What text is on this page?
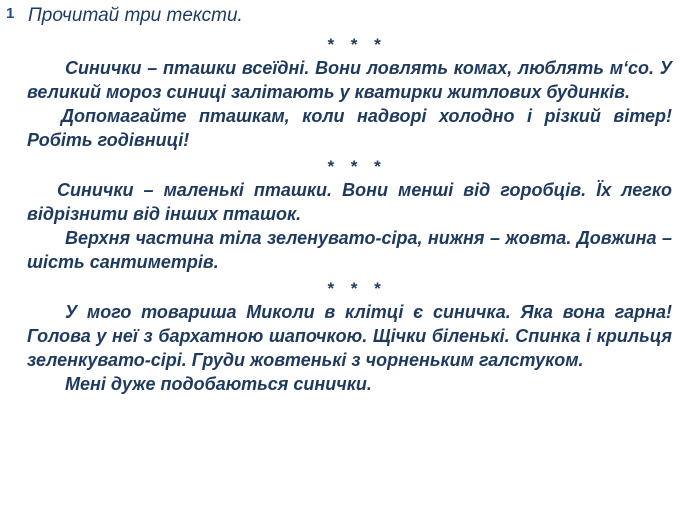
1 Прочитай три тексти.
* * *

Синички – пташки всеїдні. Вони ловлять комах, люблять м‘со. У великий мороз синиці залітають у кватирки житлових будинків.

Допомагайте пташкам, коли надворі холодно і різкий вітер! Робіть годівниці!

* * *

Синички – маленькі пташки. Вони менші від горобців. Їх легко відрізнити від інших пташок.

Верхня частина тіла зеленувато-сіра, нижня – жовта. Довжина – шість сантиметрів.

* * *

У мого товариша Миколи в клітці є синичка. Яка вона гарна! Голова у неї з бархатною шапочкою. Щічки біленькі. Спинка і крильця зеленкувато-сірі. Груди жовтенькі з чорненьким галстуком.

Мені дуже подобаються синички.
